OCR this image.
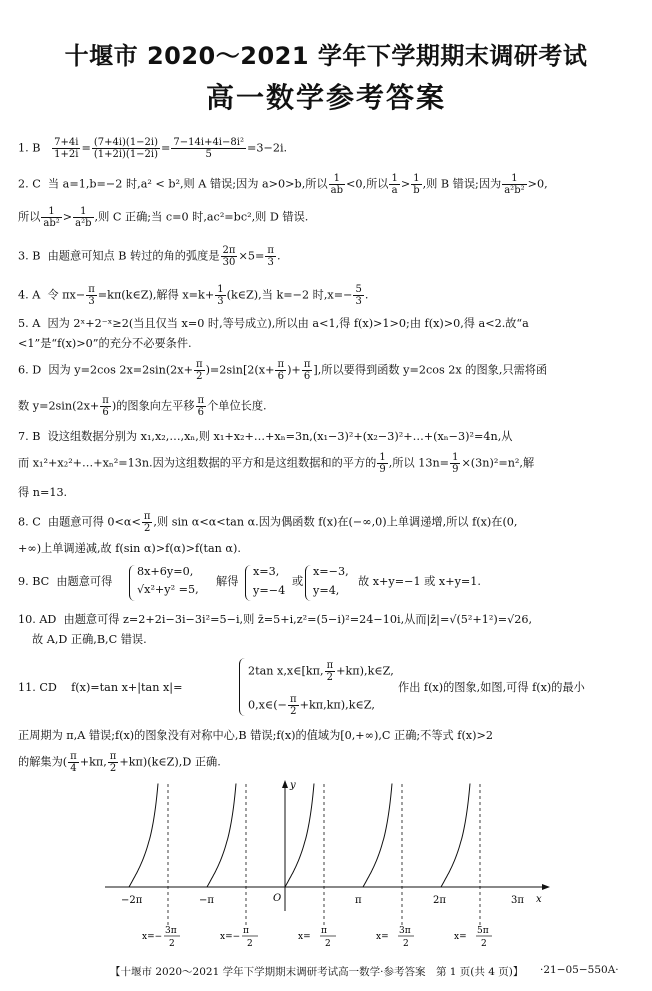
十堰市 2020～2021 学年下学期期末调研考试
高一数学参考答案
1. B $\frac{7+4i}{1+2i} = \frac{(7+4i)(1-2i)}{(1+2i)(1-2i)} = \frac{\text{7−14i+4i−8i²}}{5} =3-2i$.
2. C 当 a=1,b=−2 时,a² < b²,则 A 错误;因为 a>0>b,所以 $\frac{1}{ab} <0$,所以 $\frac{1}{a} > \frac{1}{b}$ ,则 B 错误;因为 $\frac{1}{\text{a²b²}} >0$,
所以 $\frac{1}{\text{ab²}} > \frac{1}{\text{a²b}}$ ,则 C 正确;当 c=0 时,ac²=bc²,则 D 错误.
3. B 由题意可知点 B 转过的角的弧度是 $\frac{2\pi}{30} \times 5= \frac{\pi}{3}$ .
4. A 令 $\pi x- \frac{\pi}{3}$ =kπ(k∈Z),解得 $x=k+ \frac{1}{3}$ (k∈Z),当 k=−2 时$,x=- \frac{5}{3}$ .
5. A 因为 2ˣ+2⁻ˣ≥2(当且仅当 x=0 时,等号成立),所以由 a<1,得 f(x)>1>0;由 f(x)>0,得 a<2.故“a
<1”是“f(x)>0”的充分不必要条件.
6. D 因为 y=2cos $2x=2\sin(2x+ \frac{\pi}{2} )=2\sin[2(x+ \frac{\pi}{6}$ )+ $\frac{\pi}{6}$ ],所以要得到函数 y=2cos 2x 的图象,只需将函
数 $y=2\sin(2x+ \frac{\pi}{6}$ )的图象向左平移 $\frac{\pi}{6}$ 个单位长度.
7. B 设这组数据分别为 x₁,x₂,…,xₙ,则 x₁+x₂+…+xₙ=3n,(x₁−3)²+(x₂−3)²+…+(xₙ−3)²=4n,从
而 x₁²+x₂²+…+xₙ²=13n.因为这组数据的平方和是这组数据和的平方的 $\frac{1}{9}$ ,所以 $13n= \frac{1}{9} \times(3n)^2=n^2$,解
得 n=13.
8. C 由题意可得 $0<\alpha< \frac{\pi}{2}$ ,则 sin α<α<tan α.因为偶函数 f(x)在(−∞,0)上单调递增,所以 f(x)在(0,
+∞)上单调递减,故 f(sin α)>f(α)>f(tan α).
9. BC 由题意可得
8x+6y=0,
√x²+y² =5,
解得
x=3,
y=−4
或
x=−3,
y=4,
故 x+y=−1 或 x+y=1.
10. AD 由题意可得 z=2+2i−3i−3i²=5−i,则 z̄=5+i,z²=(5−i)²=24−10i,从而|z̄|=√(5²+1²)=√26,
故 A,D 正确,B,C 错误.
11. CD f(x)=tan x+|tan x|=
2tan x,x∈[kπ, $\frac{\pi}{2}$ +kπ),k∈Z,
0,x∈(− $\frac{\pi}{2}$ +kπ,kπ),k∈Z,
作出 f(x)的图象,如图,可得 f(x)的最小
正周期为 π,A 错误;f(x)的图象没有对称中心,B 错误;f(x)的值域为[0,+∞),C 正确;不等式 f(x)>2
的解集为( $\frac{\pi}{4} +k\pi$, $\frac{\pi}{2}$ +kπ)(k∈Z),D 正确.
y
x
O
−2π	−π	π	2π	3π
x=−
3π
2
x=−
π
2
x=
π
2
x=
3π
2
x=
5π
2
【十堰市 2020～2021 学年下学期期末调研考试高一数学·参考答案　第 1 页(共 4 页)】 ·21−05−550A·
